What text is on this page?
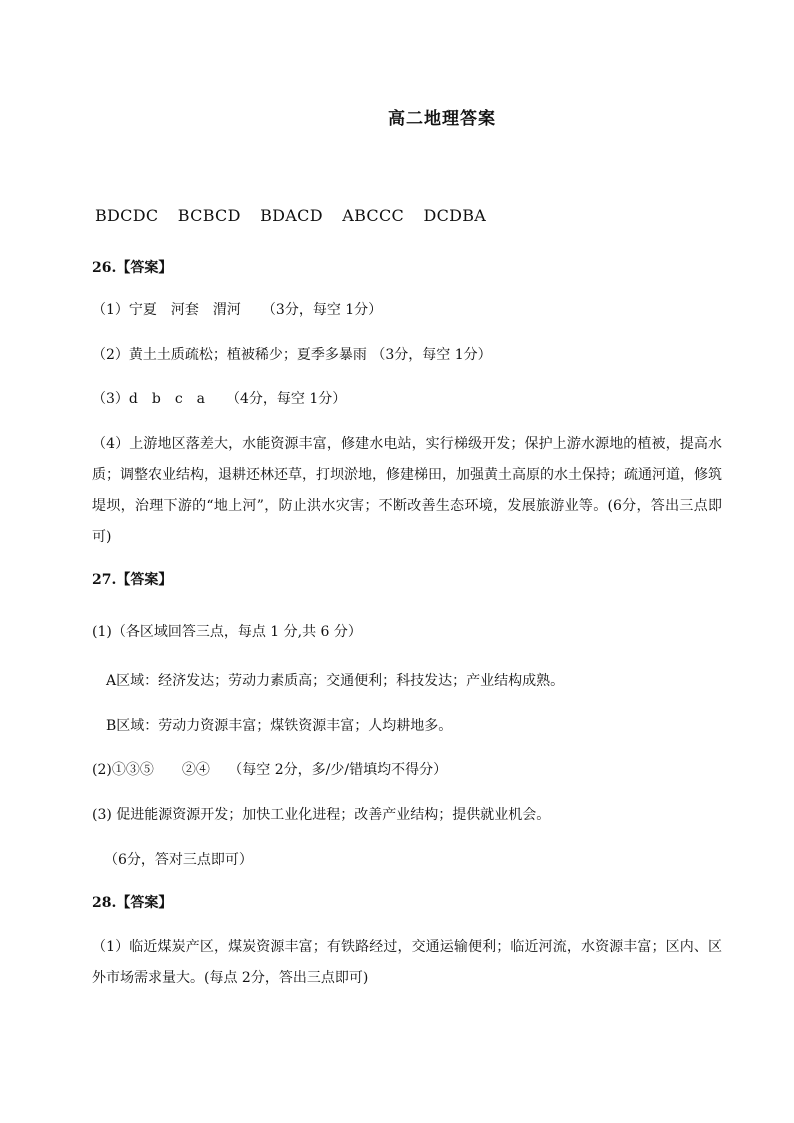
高二地理答案
BDCDC BCBCD BDACD ABCCC DCDBA
26.【答案】
（1）宁夏　河套　渭河　　（3分，每空 1分）
（2）黄土土质疏松；植被稀少；夏季多暴雨 （3分，每空 1分）
（3）d　b　c　a　　（4分，每空 1分）
（4）上游地区落差大，水能资源丰富，修建水电站，实行梯级开发；保护上游水源地的植被，提高水质；调整农业结构，退耕还林还草，打坝淤地，修建梯田，加强黄土高原的水土保持；疏通河道，修筑堤坝，治理下游的“地上河”，防止洪水灾害；不断改善生态环境，发展旅游业等。(6分，答出三点即可)
27.【答案】
(1)（各区域回答三点，每点 1 分,共 6 分）
A区域：经济发达；劳动力素质高；交通便利；科技发达；产业结构成熟。
B区域：劳动力资源丰富；煤铁资源丰富；人均耕地多。
(2)①③⑤　　②④　 （每空 2分，多/少/错填均不得分）
(3) 促进能源资源开发；加快工业化进程；改善产业结构；提供就业机会。
（6分，答对三点即可）
28.【答案】
（1）临近煤炭产区，煤炭资源丰富；有铁路经过，交通运输便利；临近河流，水资源丰富；区内、区外市场需求量大。(每点 2分，答出三点即可)
